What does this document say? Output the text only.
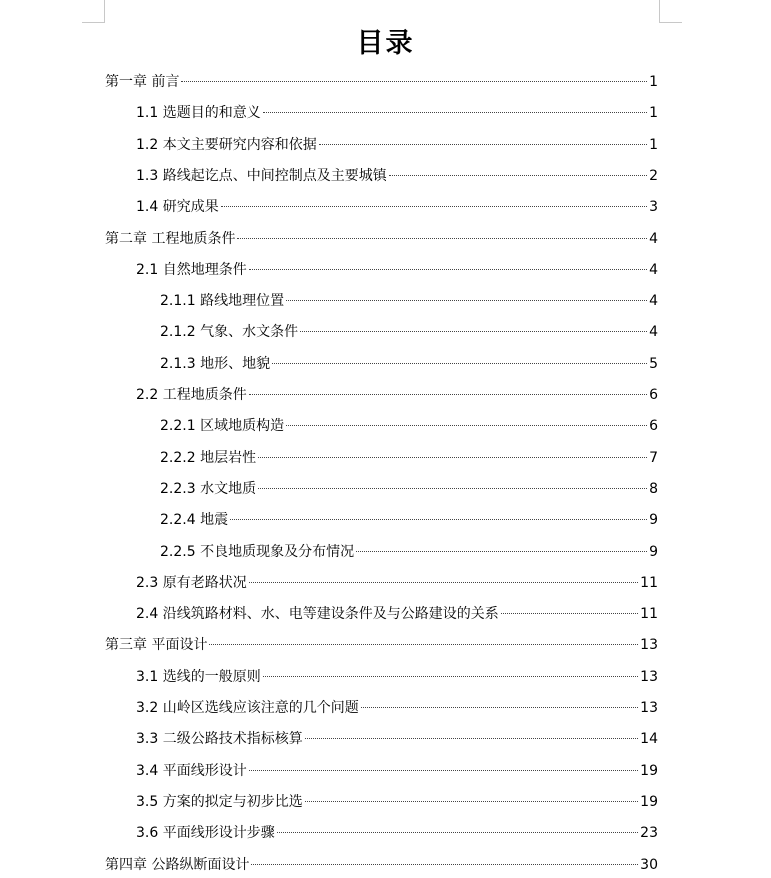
目录
第一章 前言	1
1.1 选题目的和意义	1
1.2 本文主要研究内容和依据	1
1.3 路线起讫点、中间控制点及主要城镇	2
1.4 研究成果	3
第二章 工程地质条件	4
2.1 自然地理条件	4
2.1.1 路线地理位置	4
2.1.2 气象、水文条件	4
2.1.3 地形、地貌	5
2.2 工程地质条件	6
2.2.1 区域地质构造	6
2.2.2 地层岩性	7
2.2.3 水文地质	8
2.2.4 地震	9
2.2.5 不良地质现象及分布情况	9
2.3 原有老路状况	11
2.4 沿线筑路材料、水、电等建设条件及与公路建设的关系	11
第三章 平面设计	13
3.1 选线的一般原则	13
3.2 山岭区选线应该注意的几个问题	13
3.3 二级公路技术指标核算	14
3.4 平面线形设计	19
3.5 方案的拟定与初步比选	19
3.6 平面线形设计步骤	23
第四章 公路纵断面设计	30
